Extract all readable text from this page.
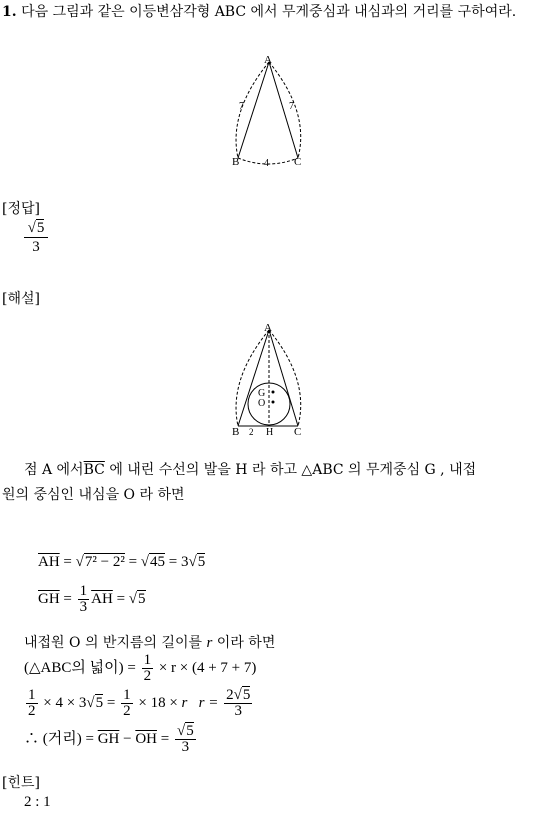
1. 다음 그림과 같은 이등변삼각형 ABC 에서 무게중심과 내심과의 거리를 구하여라.
A
B	C
7	7
4
[정답]
√5
3
[해설]
A
B	C
H
G
O
2
점 A 에서$\overline{BC}$ 에 내린 수선의 발을 H 라 하고 △ABC 의 무게중심 G , 내접
원의 중심인 내심을 O 라 하면
$\overline{AH} = √7^2 - 2^2 = √45 = 3√5$
$\overline{GH} = \frac{1}{3} \overline{AH} = √5$
내접원 O 의 반지름의 길이를 r 이라 하면
(△ABC의 넓이) = $\frac{1}{2} \times r \times (4 + 7 + 7)$
$\frac{1}{2} \times 4 \times 3√5 = \frac{1}{2} \times 18 \times r$ $r = \frac{2√5}{3}$
∴ (거리) = $\overline{GH} - \overline{OH} = \frac{√5}{3}$
[힌트]
2 : 1
